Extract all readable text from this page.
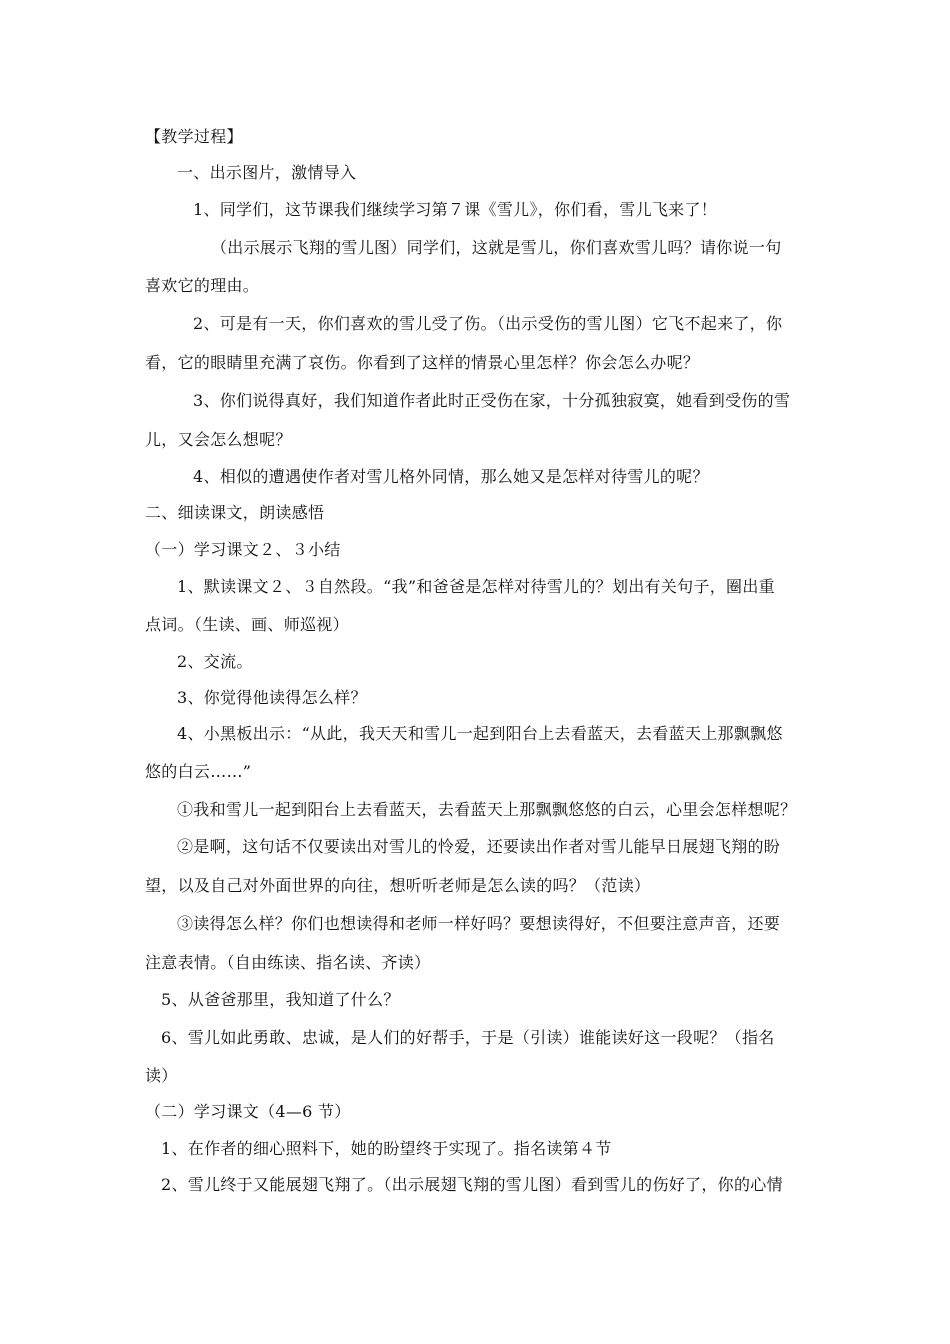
【教学过程】
一、出示图片，激情导入
1、同学们，这节课我们继续学习第７课《雪儿》，你们看，雪儿飞来了！
（出示展示飞翔的雪儿图）同学们，这就是雪儿，你们喜欢雪儿吗？请你说一句
喜欢它的理由。
2、可是有一天，你们喜欢的雪儿受了伤。（出示受伤的雪儿图）它飞不起来了，你
看，它的眼睛里充满了哀伤。你看到了这样的情景心里怎样？你会怎么办呢？
3、你们说得真好，我们知道作者此时正受伤在家，十分孤独寂寞，她看到受伤的雪
儿，又会怎么想呢？
4、相似的遭遇使作者对雪儿格外同情，那么她又是怎样对待雪儿的呢？
二、细读课文，朗读感悟
（一）学习课文２、３小结
1、默读课文２、３自然段。“我”和爸爸是怎样对待雪儿的？划出有关句子，圈出重
点词。（生读、画、师巡视）
2、交流。
3、你觉得他读得怎么样？
4、小黑板出示：“从此，我天天和雪儿一起到阳台上去看蓝天，去看蓝天上那飘飘悠
悠的白云……”
①我和雪儿一起到阳台上去看蓝天，去看蓝天上那飘飘悠悠的白云，心里会怎样想呢？
②是啊，这句话不仅要读出对雪儿的怜爱，还要读出作者对雪儿能早日展翅飞翔的盼
望，以及自己对外面世界的向往，想听听老师是怎么读的吗？（范读）
③读得怎么样？你们也想读得和老师一样好吗？要想读得好，不但要注意声音，还要
注意表情。（自由练读、指名读、齐读）
5、从爸爸那里，我知道了什么？
6、雪儿如此勇敢、忠诚，是人们的好帮手，于是（引读）谁能读好这一段呢？（指名
读）
（二）学习课文（4—6 节）
1、在作者的细心照料下，她的盼望终于实现了。指名读第４节
2、雪儿终于又能展翅飞翔了。（出示展翅飞翔的雪儿图）看到雪儿的伤好了，你的心情
